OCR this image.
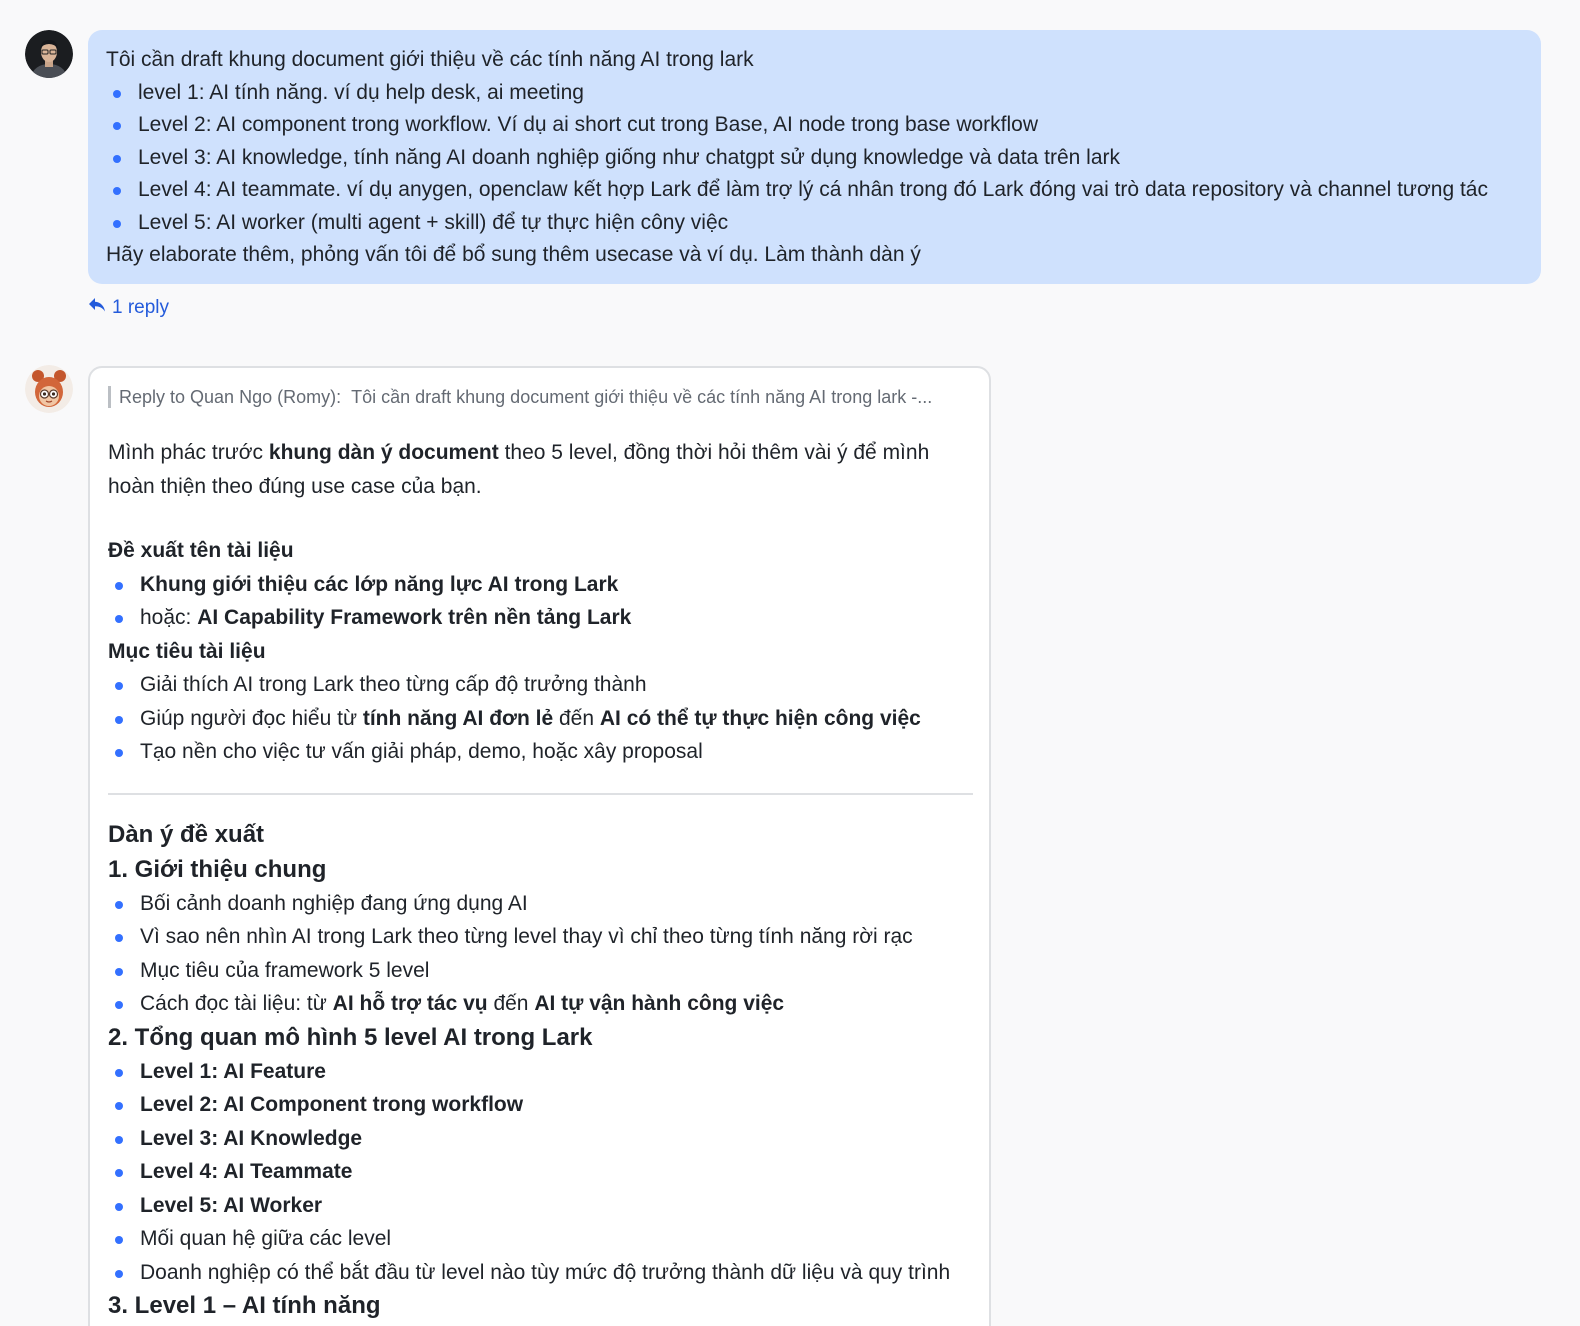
Tôi cần draft khung document giới thiệu về các tính năng AI trong lark

level 1: AI tính năng. ví dụ help desk, ai meeting
Level 2: AI component trong workflow. Ví dụ ai short cut trong Base, AI node trong base workflow
Level 3: AI knowledge, tính năng AI doanh nghiệp giống như chatgpt sử dụng knowledge và data trên lark
Level 4: AI teammate. ví dụ anygen, openclaw kết hợp Lark để làm trợ lý cá nhân trong đó Lark đóng vai trò data repository và channel tương tác
Level 5: AI worker (multi agent + skill) để tự thực hiện côny việc

Hãy elaborate thêm, phỏng vấn tôi để bổ sung thêm usecase và ví dụ. Làm thành dàn ý

1 reply
Reply to Quan Ngo (Romy): Tôi cần draft khung document giới thiệu về các tính năng AI trong lark -...

Mình phác trước khung dàn ý document theo 5 level, đồng thời hỏi thêm vài ý để mình

hoàn thiện theo đúng use case của bạn.

Đề xuất tên tài liệu

Khung giới thiệu các lớp năng lực AI trong Lark
hoặc: AI Capability Framework trên nền tảng Lark

Mục tiêu tài liệu

Giải thích AI trong Lark theo từng cấp độ trưởng thành
Giúp người đọc hiểu từ tính năng AI đơn lẻ đến AI có thể tự thực hiện công việc
Tạo nền cho việc tư vấn giải pháp, demo, hoặc xây proposal
Dàn ý đề xuất
1. Giới thiệu chung
Bối cảnh doanh nghiệp đang ứng dụng AI
Vì sao nên nhìn AI trong Lark theo từng level thay vì chỉ theo từng tính năng rời rạc
Mục tiêu của framework 5 level
Cách đọc tài liệu: từ AI hỗ trợ tác vụ đến AI tự vận hành công việc
2. Tổng quan mô hình 5 level AI trong Lark
Level 1: AI Feature
Level 2: AI Component trong workflow
Level 3: AI Knowledge
Level 4: AI Teammate
Level 5: AI Worker
Mối quan hệ giữa các level
Doanh nghiệp có thể bắt đầu từ level nào tùy mức độ trưởng thành dữ liệu và quy trình
3. Level 1 – AI tính năng
